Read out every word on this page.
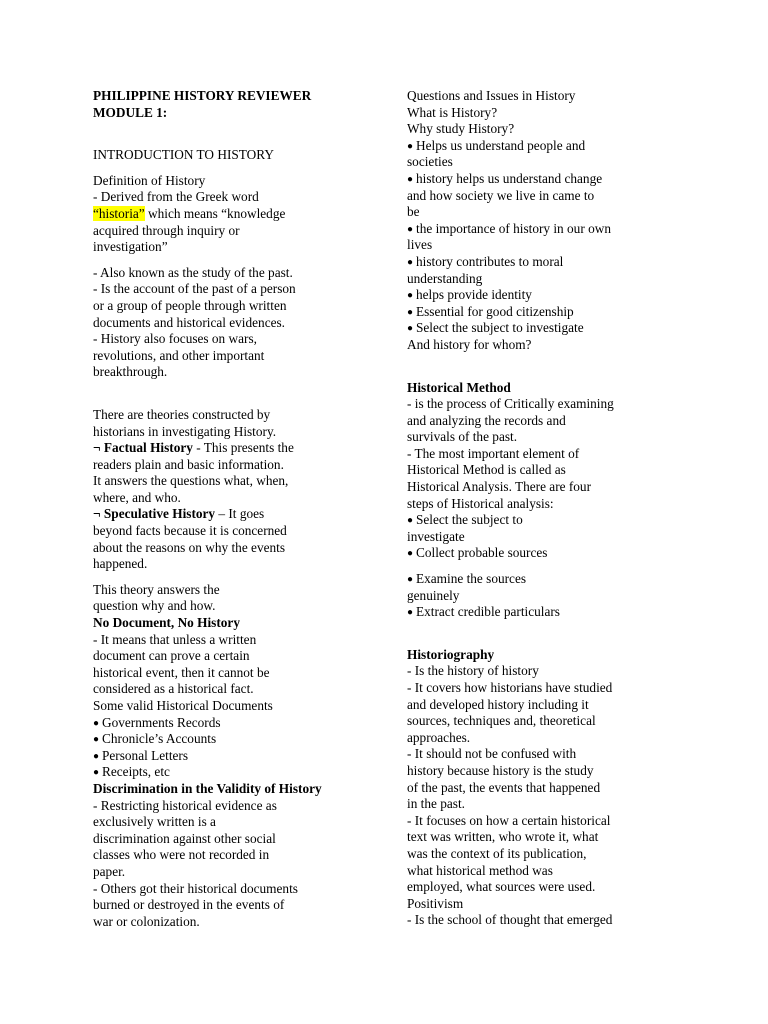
PHILIPPINE HISTORY REVIEWER
MODULE 1:
INTRODUCTION TO HISTORY
Definition of History
- Derived from the Greek word
“historia” which means “knowledge
acquired through inquiry or
investigation”
- Also known as the study of the past.
- Is the account of the past of a person
or a group of people through written
documents and historical evidences.
- History also focuses on wars,
revolutions, and other important
breakthrough.
There are theories constructed by
historians in investigating History.
¬ Factual History - This presents the
readers plain and basic information.
It answers the questions what, when,
where, and who.
¬ Speculative History – It goes
beyond facts because it is concerned
about the reasons on why the events
happened.
This theory answers the
question why and how.
No Document, No History
- It means that unless a written
document can prove a certain
historical event, then it cannot be
considered as a historical fact.
Some valid Historical Documents
● Governments Records
● Chronicle’s Accounts
● Personal Letters
● Receipts, etc
Discrimination in the Validity of History
- Restricting historical evidence as
exclusively written is a
discrimination against other social
classes who were not recorded in
paper.
- Others got their historical documents
burned or destroyed in the events of
war or colonization.
Questions and Issues in History
What is History?
Why study History?
● Helps us understand people and
societies
● history helps us understand change
and how society we live in came to
be
● the importance of history in our own
lives
● history contributes to moral
understanding
● helps provide identity
● Essential for good citizenship
● Select the subject to investigate
And history for whom?
Historical Method
- is the process of Critically examining
and analyzing the records and
survivals of the past.
- The most important element of
Historical Method is called as
Historical Analysis. There are four
steps of Historical analysis:
● Select the subject to
investigate
● Collect probable sources
● Examine the sources
genuinely
● Extract credible particulars
Historiography
- Is the history of history
- It covers how historians have studied
and developed history including it
sources, techniques and, theoretical
approaches.
- It should not be confused with
history because history is the study
of the past, the events that happened
in the past.
- It focuses on how a certain historical
text was written, who wrote it, what
was the context of its publication,
what historical method was
employed, what sources were used.
Positivism
- Is the school of thought that emerged
